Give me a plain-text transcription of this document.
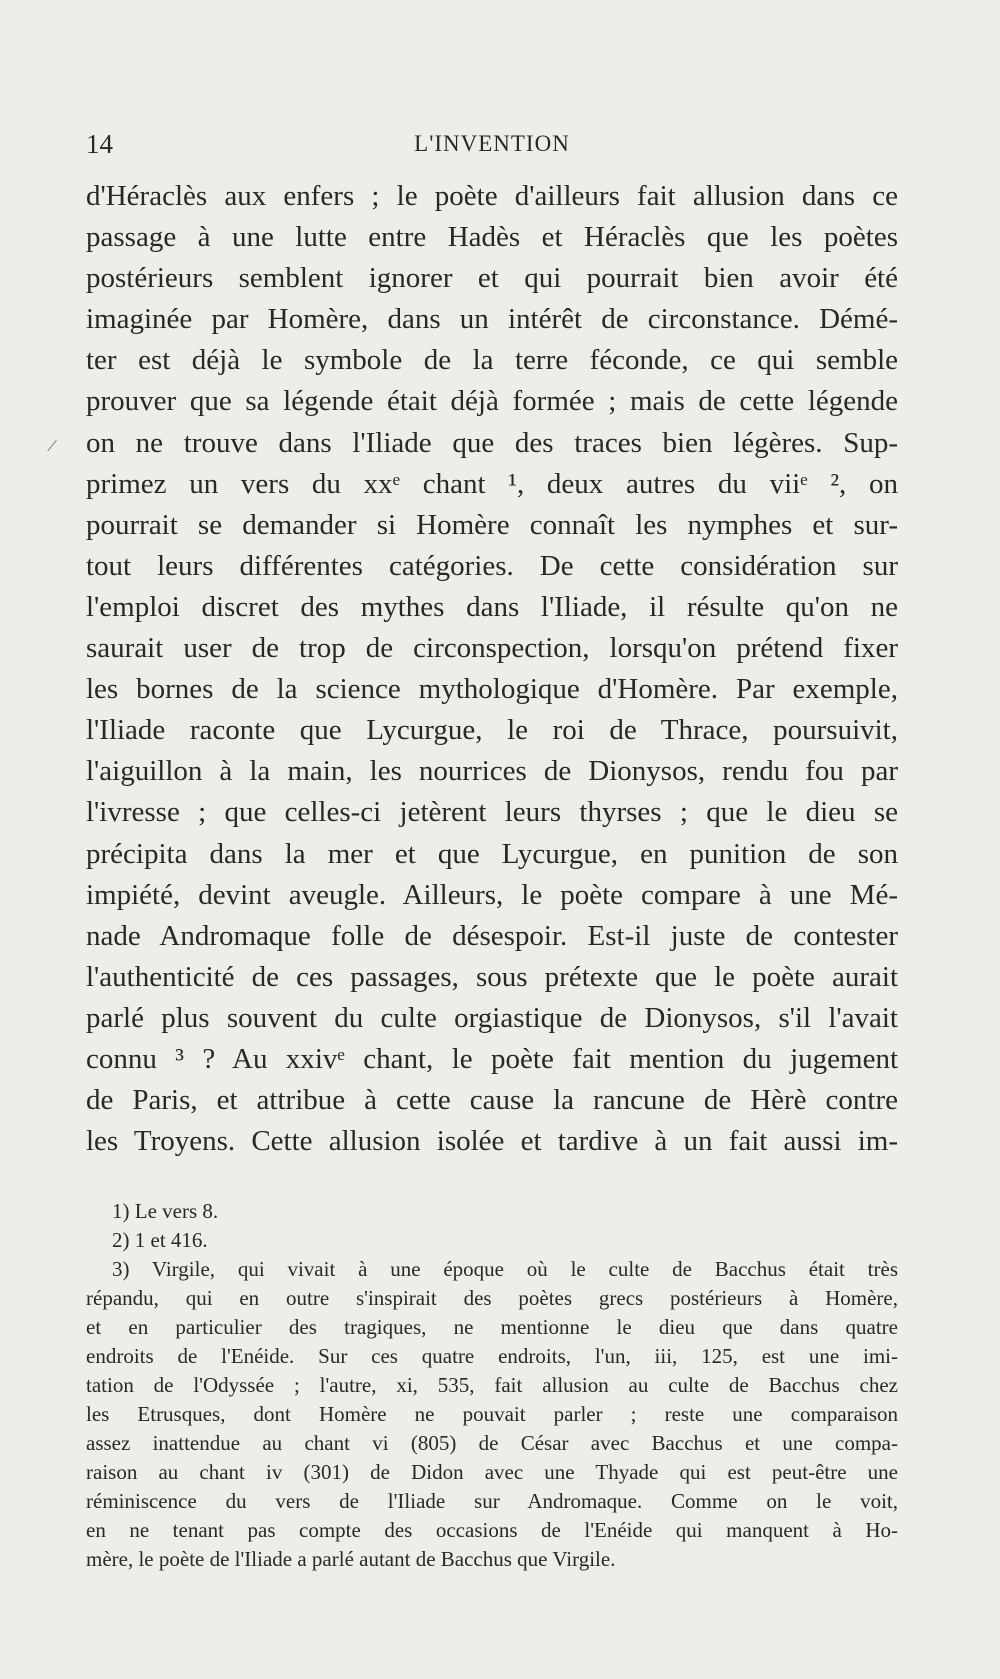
14	L'INVENTION
/
d'Héraclès aux enfers ; le poète d'ailleurs fait allusion dans ce
passage à une lutte entre Hadès et Héraclès que les poètes
postérieurs semblent ignorer et qui pourrait bien avoir été
imaginée par Homère, dans un intérêt de circonstance. Démé-
ter est déjà le symbole de la terre féconde, ce qui semble
prouver que sa légende était déjà formée ; mais de cette légende
on ne trouve dans l'Iliade que des traces bien légères. Sup-
primez un vers du xxᵉ chant ¹, deux autres du viiᵉ ², on
pourrait se demander si Homère connaît les nymphes et sur-
tout leurs différentes catégories. De cette considération sur
l'emploi discret des mythes dans l'Iliade, il résulte qu'on ne
saurait user de trop de circonspection, lorsqu'on prétend fixer
les bornes de la science mythologique d'Homère. Par exemple,
l'Iliade raconte que Lycurgue, le roi de Thrace, poursuivit,
l'aiguillon à la main, les nourrices de Dionysos, rendu fou par
l'ivresse ; que celles-ci jetèrent leurs thyrses ; que le dieu se
précipita dans la mer et que Lycurgue, en punition de son
impiété, devint aveugle. Ailleurs, le poète compare à une Mé-
nade Andromaque folle de désespoir. Est-il juste de contester
l'authenticité de ces passages, sous prétexte que le poète aurait
parlé plus souvent du culte orgiastique de Dionysos, s'il l'avait
connu ³ ? Au xxivᵉ chant, le poète fait mention du jugement
de Paris, et attribue à cette cause la rancune de Hèrè contre
les Troyens. Cette allusion isolée et tardive à un fait aussi im-
1) Le vers 8.
2) 1 et 416.
3) Virgile, qui vivait à une époque où le culte de Bacchus était très
répandu, qui en outre s'inspirait des poètes grecs postérieurs à Homère,
et en particulier des tragiques, ne mentionne le dieu que dans quatre
endroits de l'Enéide. Sur ces quatre endroits, l'un, iii, 125, est une imi-
tation de l'Odyssée ; l'autre, xi, 535, fait allusion au culte de Bacchus chez
les Etrusques, dont Homère ne pouvait parler ; reste une comparaison
assez inattendue au chant vi (805) de César avec Bacchus et une compa-
raison au chant iv (301) de Didon avec une Thyade qui est peut-être une
réminiscence du vers de l'Iliade sur Andromaque. Comme on le voit,
en ne tenant pas compte des occasions de l'Enéide qui manquent à Ho-
mère, le poète de l'Iliade a parlé autant de Bacchus que Virgile.
